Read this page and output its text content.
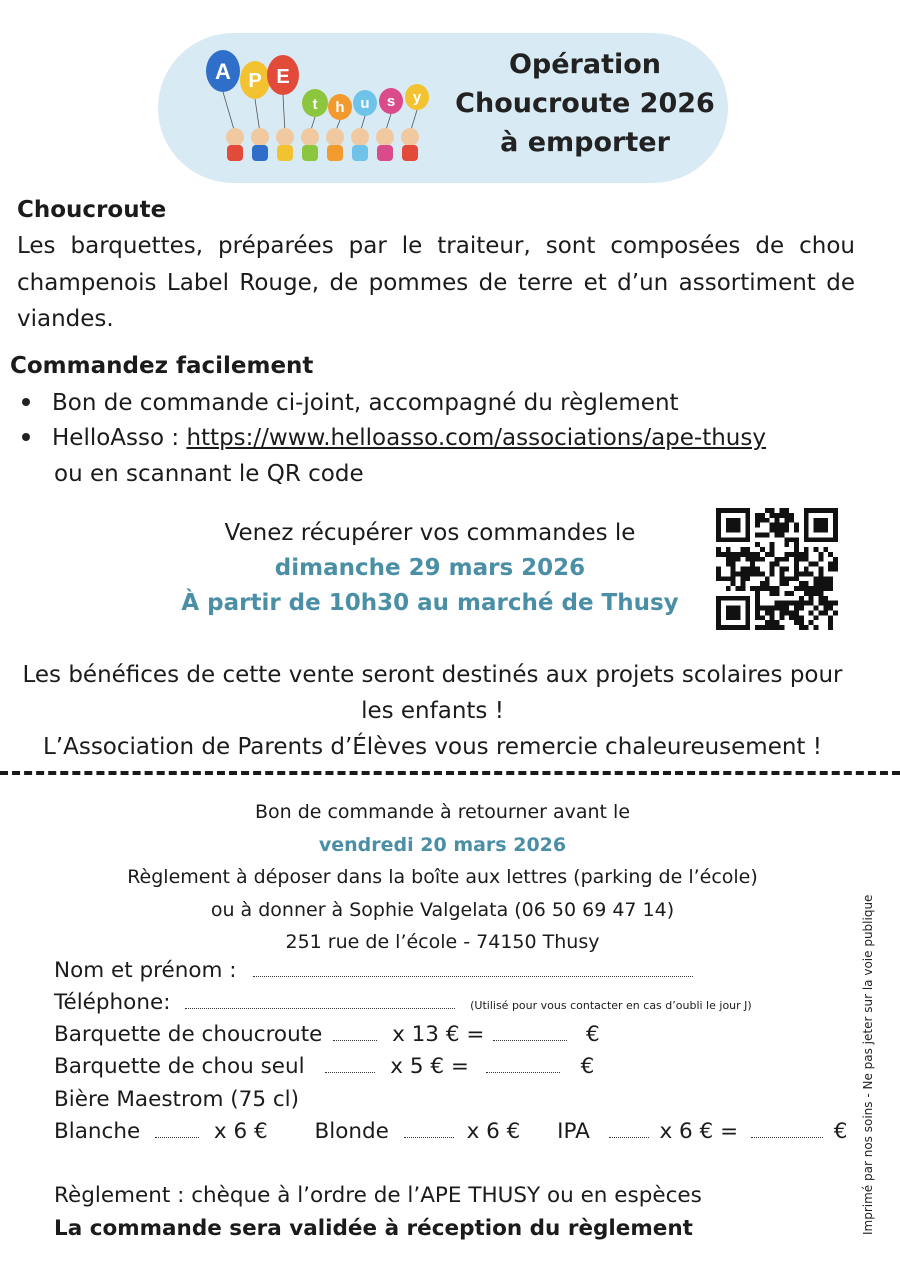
A P E
t h u s y
Opération
Choucroute 2026
à emporter
Choucroute
Les barquettes, préparées par le traiteur, sont composées de chou champenois Label Rouge, de pommes de terre et d’un assortiment de viandes.
Commandez facilement
Bon de commande ci-joint, accompagné du règlement
HelloAsso : https://www.helloasso.com/associations/ape-thusy
ou en scannant le QR code
Venez récupérer vos commandes le
dimanche 29 mars 2026
À partir de 10h30 au marché de Thusy
Les bénéfices de cette vente seront destinés aux projets scolaires pour
les enfants !
L’Association de Parents d’Élèves vous remercie chaleureusement !
Bon de commande à retourner avant le
vendredi 20 mars 2026
Règlement à déposer dans la boîte aux lettres (parking de l’école)
ou à donner à Sophie Valgelata (06 50 69 47 14)
251 rue de l’école - 74150 Thusy
Nom et prénom :
Téléphone:	(Utilisé pour vous contacter en cas d’oubli le jour J)
Barquette de choucroute	x 13 € =	€
Barquette de chou seul	x 5 € =	€
Bière Maestrom (75 cl)
Blanche	x 6 € Blonde	x 6 € IPA	x 6 € =	€
Règlement : chèque à l’ordre de l’APE THUSY ou en espèces
La commande sera validée à réception du règlement	Imprimé par nos soins - Ne pas jeter sur la voie publique
